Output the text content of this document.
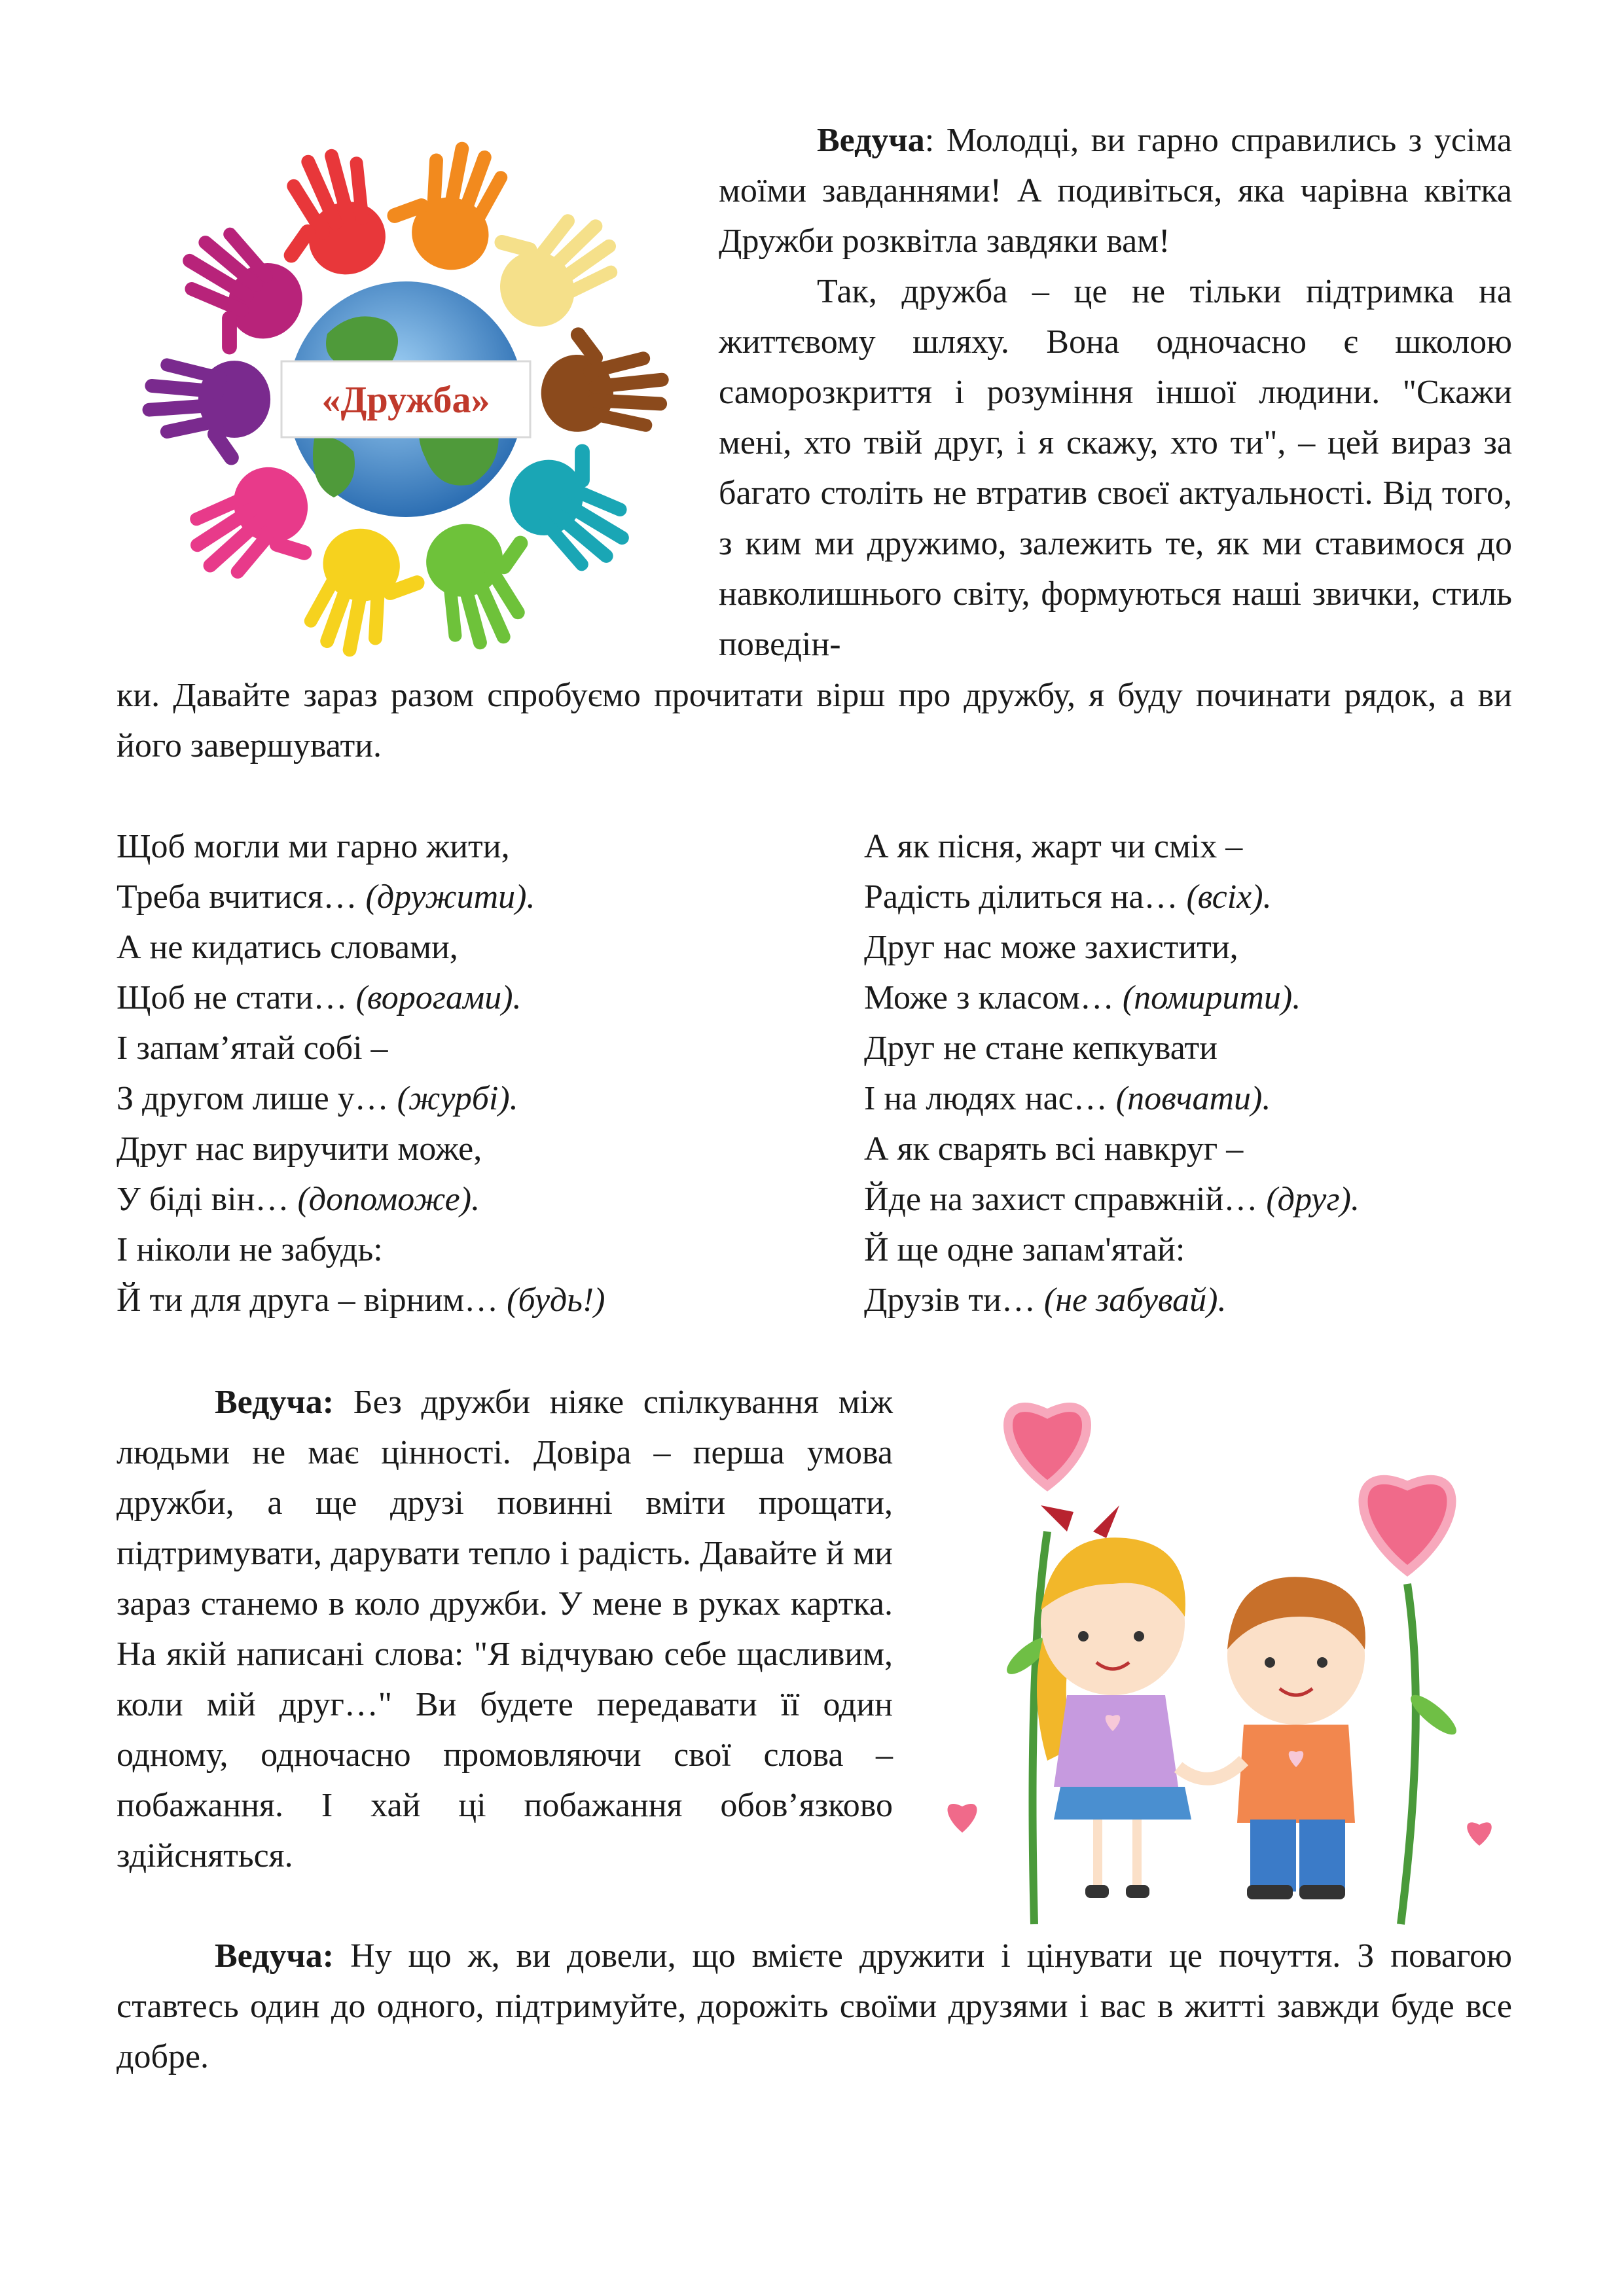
«Дружба»

Ведуча: Молодці, ви гарно справились з усіма моїми завданнями! А подивіться, яка чарівна квітка Дружби розквітла завдяки вам!
Так, дружба – це не тільки підтримка на життєвому шляху. Вона одночасно є школою саморозкриття і розуміння іншої людини. "Скажи мені, хто твій друг, і я скажу, хто ти", – цей вираз за багато століть не втратив своєї актуальності. Від того, з ким ми дружимо, залежить те, як ми ставимося до навколишнього світу, формуються наші звички, стиль поведін-

ки. Давайте зараз разом спробуємо прочитати вірш про дружбу, я буду починати рядок, а ви його завершувати.

Щоб могли ми гарно жити,
Треба вчитися… (дружити).
А не кидатись словами,
Щоб не стати… (ворогами).
І запам’ятай собі –
З другом лише у… (журбі).
Друг нас виручити може,
У біді він… (допоможе).
І ніколи не забудь:
Й ти для друга – вірним… (будь!)
А як пісня, жарт чи сміх –
Радість ділиться на… (всіх).
Друг нас може захистити,
Може з класом… (помирити).
Друг не стане кепкувати
І на людях нас… (повчати).
А як сварять всі навкруг –
Йде на захист справжній… (друг).
Й ще одне запам'ятай:
Друзів ти… (не забувай).

Ведуча: Без дружби ніяке спілкування між людьми не має цінності. Довіра – перша умова дружби, а ще друзі повинні вміти прощати, підтримувати, дарувати тепло і радість. Давайте й ми зараз станемо в коло дружби. У мене в руках картка. На якій написані слова: "Я відчуваю себе щасливим, коли мій друг…" Ви будете передавати її один одному, одночасно промовляючи свої слова – побажання. І хай ці побажання обов’язково здійсняться.

Ведуча: Ну що ж, ви довели, що вмієте дружити і цінувати це почуття. З повагою ставтесь один до одного, підтримуйте, дорожіть своїми друзями і вас в житті завжди буде все добре.
